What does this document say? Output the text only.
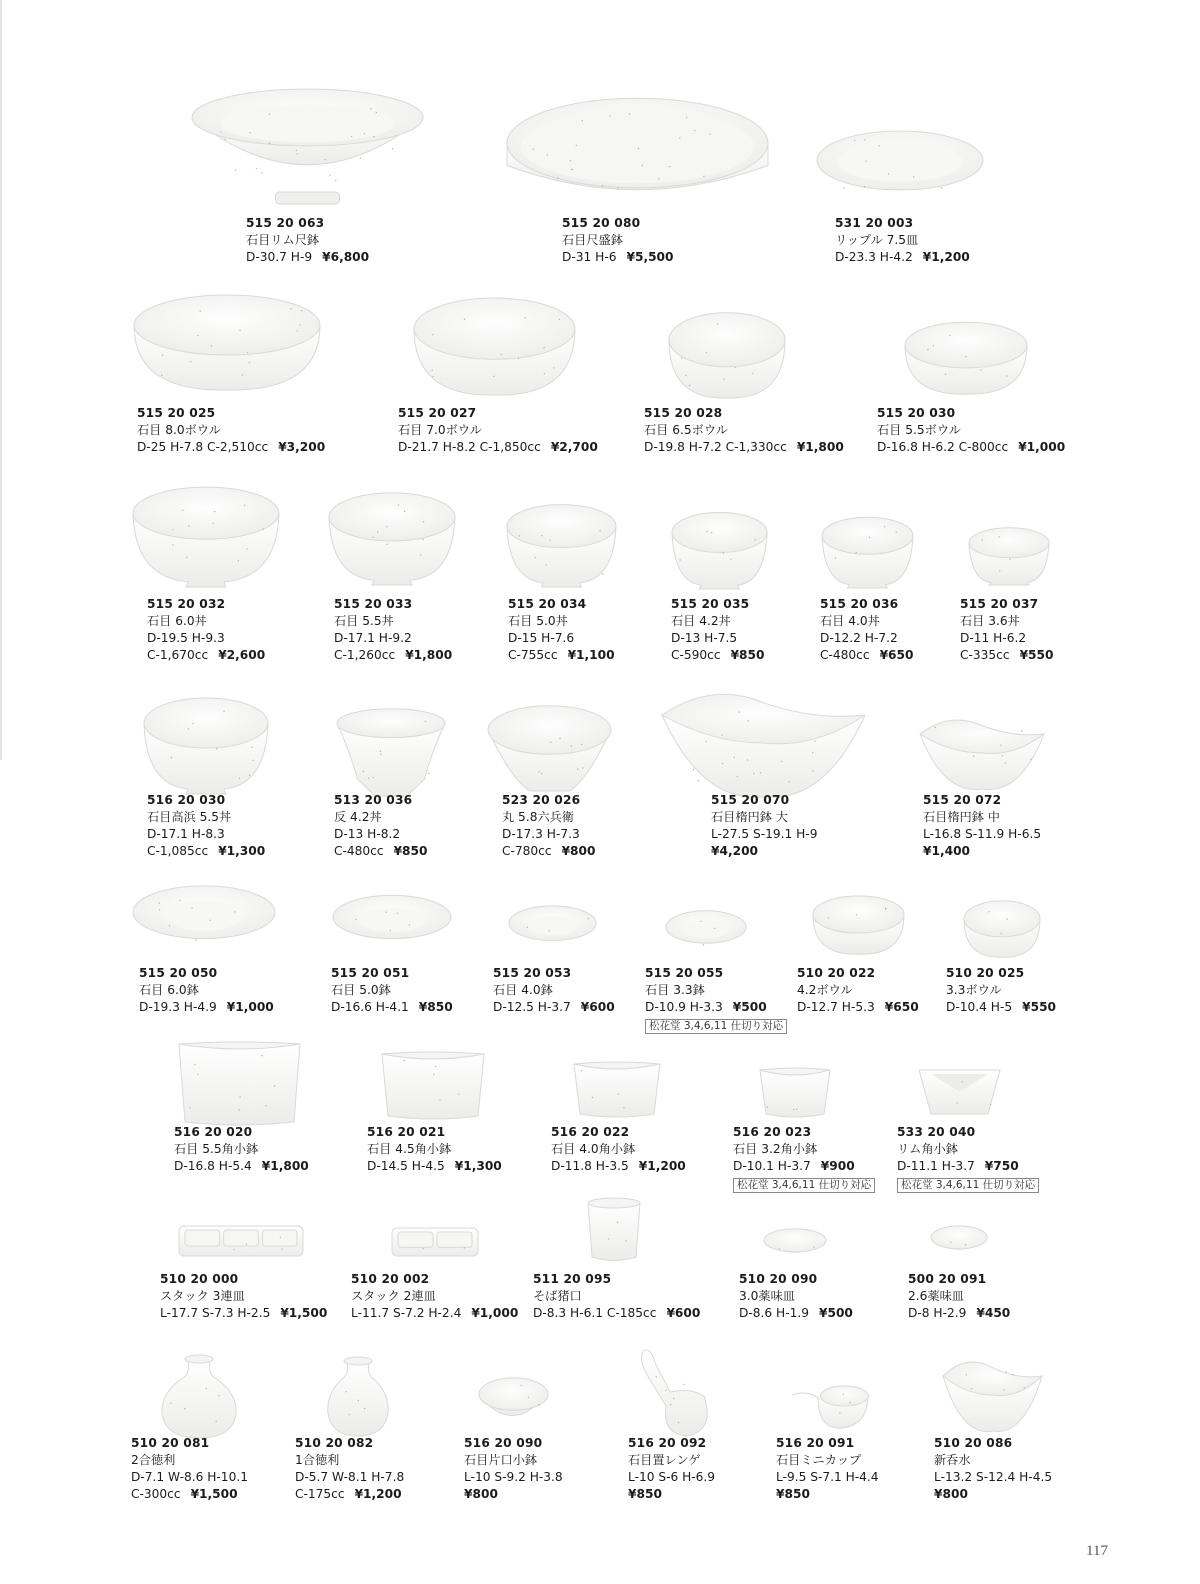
515 20 063
石目リム尺鉢
D-30.7 H-9 ¥6,800
515 20 080
石目尺盛鉢
D-31 H-6 ¥5,500
531 20 003
リップル 7.5皿
D-23.3 H-4.2 ¥1,200
515 20 025
石目 8.0ボウル
D-25 H-7.8 C-2,510cc ¥3,200
515 20 027
石目 7.0ボウル
D-21.7 H-8.2 C-1,850cc ¥2,700
515 20 028
石目 6.5ボウル
D-19.8 H-7.2 C-1,330cc ¥1,800
515 20 030
石目 5.5ボウル
D-16.8 H-6.2 C-800cc ¥1,000
515 20 032
石目 6.0丼
D-19.5 H-9.3
C-1,670cc ¥2,600
515 20 033
石目 5.5丼
D-17.1 H-9.2
C-1,260cc ¥1,800
515 20 034
石目 5.0丼
D-15 H-7.6
C-755cc ¥1,100
515 20 035
石目 4.2丼
D-13 H-7.5
C-590cc ¥850
515 20 036
石目 4.0丼
D-12.2 H-7.2
C-480cc ¥650
515 20 037
石目 3.6丼
D-11 H-6.2
C-335cc ¥550
516 20 030
石目高浜 5.5丼
D-17.1 H-8.3
C-1,085cc ¥1,300
513 20 036
反 4.2丼
D-13 H-8.2
C-480cc ¥850
523 20 026
丸 5.8六兵衛
D-17.3 H-7.3
C-780cc ¥800
515 20 070
石目楕円鉢 大
L-27.5 S-19.1 H-9
¥4,200
515 20 072
石目楕円鉢 中
L-16.8 S-11.9 H-6.5
¥1,400
515 20 050
石目 6.0鉢
D-19.3 H-4.9 ¥1,000
515 20 051
石目 5.0鉢
D-16.6 H-4.1 ¥850
515 20 053
石目 4.0鉢
D-12.5 H-3.7 ¥600
515 20 055
石目 3.3鉢
D-10.9 H-3.3 ¥500
松花堂 3,4,6,11 仕切り対応
510 20 022
4.2ボウル
D-12.7 H-5.3 ¥650
510 20 025
3.3ボウル
D-10.4 H-5 ¥550
516 20 020
石目 5.5角小鉢
D-16.8 H-5.4 ¥1,800
516 20 021
石目 4.5角小鉢
D-14.5 H-4.5 ¥1,300
516 20 022
石目 4.0角小鉢
D-11.8 H-3.5 ¥1,200
516 20 023
石目 3.2角小鉢
D-10.1 H-3.7 ¥900
松花堂 3,4,6,11 仕切り対応
533 20 040
リム角小鉢
D-11.1 H-3.7 ¥750
松花堂 3,4,6,11 仕切り対応
510 20 000
スタック 3連皿
L-17.7 S-7.3 H-2.5 ¥1,500
510 20 002
スタック 2連皿
L-11.7 S-7.2 H-2.4 ¥1,000
511 20 095
そば猪口
D-8.3 H-6.1 C-185cc ¥600
510 20 090
3.0薬味皿
D-8.6 H-1.9 ¥500
500 20 091
2.6薬味皿
D-8 H-2.9 ¥450
510 20 081
2合徳利
D-7.1 W-8.6 H-10.1
C-300cc ¥1,500
510 20 082
1合徳利
D-5.7 W-8.1 H-7.8
C-175cc ¥1,200
516 20 090
石目片口小鉢
L-10 S-9.2 H-3.8
¥800
516 20 092
石目置レンゲ
L-10 S-6 H-6.9
¥850
516 20 091
石目ミニカップ
L-9.5 S-7.1 H-4.4
¥850
510 20 086
新呑水
L-13.2 S-12.4 H-4.5
¥800
117
